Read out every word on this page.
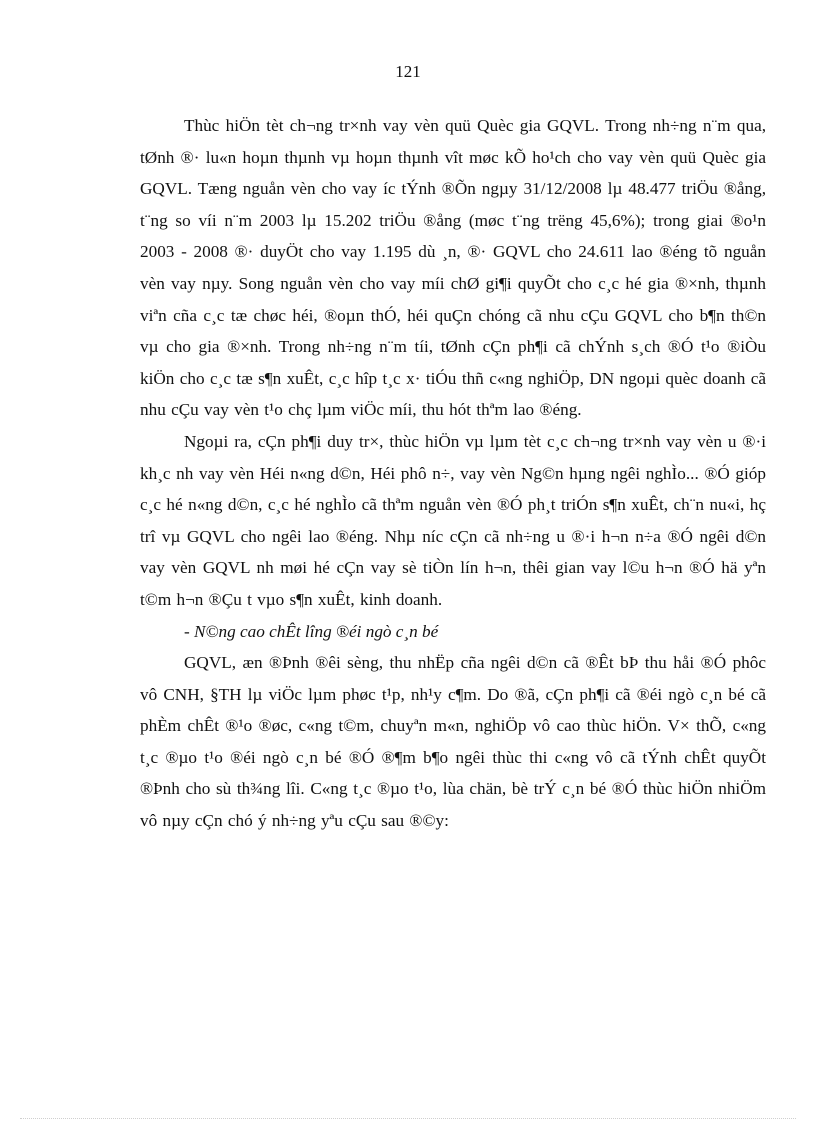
121

Thùc hiÖn tèt ch¬ng tr×nh vay vèn quü Quèc gia GQVL. Trong nh÷ng n¨m qua, tØnh ®· lu«n hoµn thµnh vµ hoµn thµnh vît møc kÕ ho¹ch cho vay vèn quü Quèc gia GQVL. Tæng nguån vèn cho vay íc tÝnh ®Õn ngµy 31/12/2008 lµ 48.477 triÖu ®ång, t¨ng so víi n¨m 2003 lµ 15.202 triÖu ®ång (møc t¨ng trëng 45,6%); trong giai ®o¹n 2003 - 2008 ®· duyÖt cho vay 1.195 dù ¸n, ®· GQVL cho 24.611 lao ®éng tõ nguån vèn vay nµy. Song nguån vèn cho vay míi chØ gi¶i quyÕt cho c¸c hé gia ®×nh, thµnh viªn cña c¸c tæ chøc héi, ®oµn thÓ, héi quÇn chóng cã nhu cÇu GQVL cho b¶n th©n vµ cho gia ®×nh. Trong nh÷ng n¨m tíi, tØnh cÇn ph¶i cã chÝnh s¸ch ®Ó t¹o ®iÒu kiÖn cho c¸c tæ s¶n xuÊt, c¸c hîp t¸c x· tiÓu thñ c«ng nghiÖp, DN ngoµi quèc doanh cã nhu cÇu vay vèn t¹o chç lµm viÖc míi, thu hót thªm lao ®éng.

Ngoµi ra, cÇn ph¶i duy tr×, thùc hiÖn vµ lµm tèt c¸c ch¬ng tr×nh vay vèn u ®·i kh¸c nh vay vèn Héi n«ng d©n, Héi phô n÷, vay vèn Ng©n hµng ngêi nghÌo... ®Ó gióp c¸c hé n«ng d©n, c¸c hé nghÌo cã thªm nguån vèn ®Ó ph¸t triÓn s¶n xuÊt, ch¨n nu«i, hç trî vµ GQVL cho ngêi lao ®éng. Nhµ níc cÇn cã nh÷ng u ®·i h¬n n÷a ®Ó ngêi d©n vay vèn GQVL nh møi hé cÇn vay sè tiÒn lín h¬n, thêi gian vay l©u h¬n ®Ó hä yªn t©m h¬n ®Çu t vµo s¶n xuÊt, kinh doanh.

- N©ng cao chÊt lîng ®éi ngò c¸n bé

GQVL, æn ®Þnh ®êi sèng, thu nhËp cña ngêi d©n cã ®Êt bÞ thu håi ®Ó phôc vô CNH, §TH lµ viÖc lµm phøc t¹p, nh¹y c¶m. Do ®ã, cÇn ph¶i cã ®éi ngò c¸n bé cã phÈm chÊt ®¹o ®øc, c«ng t©m, chuyªn m«n, nghiÖp vô cao thùc hiÖn. V× thÕ, c«ng t¸c ®µo t¹o ®éi ngò c¸n bé ®Ó ®¶m b¶o ngêi thùc thi c«ng vô cã tÝnh chÊt quyÕt ®Þnh cho sù th¾ng lîi. C«ng t¸c ®µo t¹o, lùa chän, bè trÝ c¸n bé ®Ó thùc hiÖn nhiÖm vô nµy cÇn chó ý nh÷ng yªu cÇu sau ®©y:
